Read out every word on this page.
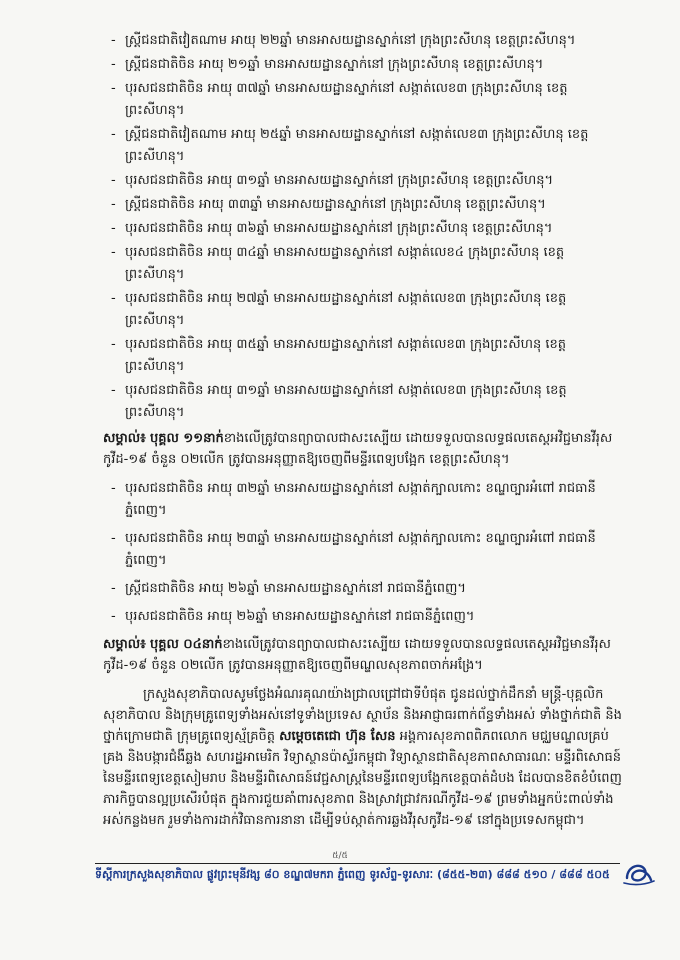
- ស្ត្រីជនជាតិវៀតណាម អាយុ ២២ឆ្នាំ មានអាសយដ្ឋានស្នាក់នៅ ក្រុងព្រះសីហនុ ខេត្តព្រះសីហនុ។
- ស្ត្រីជនជាតិចិន អាយុ ២១ឆ្នាំ មានអាសយដ្ឋានស្នាក់នៅ ក្រុងព្រះសីហនុ ខេត្តព្រះសីហនុ។
- បុរសជនជាតិចិន អាយុ ៣៧ឆ្នាំ មានអាសយដ្ឋានស្នាក់នៅ សង្កាត់លេខ៣ ក្រុងព្រះសីហនុ ខេត្តព្រះសីហនុ។
- ស្ត្រីជនជាតិវៀតណាម អាយុ ២៥ឆ្នាំ មានអាសយដ្ឋានស្នាក់នៅ សង្កាត់លេខ៣ ក្រុងព្រះសីហនុ ខេត្តព្រះសីហនុ។
- បុរសជនជាតិចិន អាយុ ៣១ឆ្នាំ មានអាសយដ្ឋានស្នាក់នៅ ក្រុងព្រះសីហនុ ខេត្តព្រះសីហនុ។
- ស្ត្រីជនជាតិចិន អាយុ ៣៣ឆ្នាំ មានអាសយដ្ឋានស្នាក់នៅ ក្រុងព្រះសីហនុ ខេត្តព្រះសីហនុ។
- បុរសជនជាតិចិន អាយុ ៣៦ឆ្នាំ មានអាសយដ្ឋានស្នាក់នៅ ក្រុងព្រះសីហនុ ខេត្តព្រះសីហនុ។
- បុរសជនជាតិចិន អាយុ ៣៤ឆ្នាំ មានអាសយដ្ឋានស្នាក់នៅ សង្កាត់លេខ៤ ក្រុងព្រះសីហនុ ខេត្តព្រះសីហនុ។
- បុរសជនជាតិចិន អាយុ ២៧ឆ្នាំ មានអាសយដ្ឋានស្នាក់នៅ សង្កាត់លេខ៣ ក្រុងព្រះសីហនុ ខេត្តព្រះសីហនុ។
- បុរសជនជាតិចិន អាយុ ៣៥ឆ្នាំ មានអាសយដ្ឋានស្នាក់នៅ សង្កាត់លេខ៣ ក្រុងព្រះសីហនុ ខេត្តព្រះសីហនុ។
- បុរសជនជាតិចិន អាយុ ៣១ឆ្នាំ មានអាសយដ្ឋានស្នាក់នៅ សង្កាត់លេខ៣ ក្រុងព្រះសីហនុ ខេត្តព្រះសីហនុ។
សម្គាល់៖ បុគ្គល ១១នាក់ខាងលើត្រូវបានព្យាបាលជាសះស្បើយ ដោយទទួលបានលទ្ធផលតេស្តអវិជ្ជមានវីរុស កូវីដ-១៩ ចំនួន ០២លើក ត្រូវបានអនុញ្ញាតឱ្យចេញពីមន្ទីរពេទ្យបង្អែក ខេត្តព្រះសីហនុ។
- បុរសជនជាតិចិន អាយុ ៣២ឆ្នាំ មានអាសយដ្ឋានស្នាក់នៅ សង្កាត់ក្បាលកោះ ខណ្ឌច្បារអំពៅ រាជធានីភ្នំពេញ។
- បុរសជនជាតិចិន អាយុ ២៣ឆ្នាំ មានអាសយដ្ឋានស្នាក់នៅ សង្កាត់ក្បាលកោះ ខណ្ឌច្បារអំពៅ រាជធានីភ្នំពេញ។
- ស្ត្រីជនជាតិចិន អាយុ ២៦ឆ្នាំ មានអាសយដ្ឋានស្នាក់នៅ រាជធានីភ្នំពេញ។
- បុរសជនជាតិចិន អាយុ ២៦ឆ្នាំ មានអាសយដ្ឋានស្នាក់នៅ រាជធានីភ្នំពេញ។
សម្គាល់៖ បុគ្គល ០៤នាក់ខាងលើត្រូវបានព្យាបាលជាសះស្បើយ ដោយទទួលបានលទ្ធផលតេស្តអវិជ្ជមានវីរុស កូវីដ-១៩ ចំនួន ០២លើក ត្រូវបានអនុញ្ញាតឱ្យចេញពីមណ្ឌលសុខភាពចាក់អង្រែ។
ក្រសួងសុខាភិបាលសូមថ្លែងអំណរគុណយ៉ាងជ្រាលជ្រៅជាទីបំផុត ជូនដល់ថ្នាក់ដឹកនាំ មន្ត្រី-បុគ្គលិកសុខាភិបាល និងក្រុមគ្រូពេទ្យទាំងអស់នៅទូទាំងប្រទេស ស្ថាប័ន និងអាជ្ញាធរពាក់ព័ន្ធទាំងអស់ ទាំងថ្នាក់ជាតិ និងថ្នាក់ក្រោមជាតិ ក្រុមគ្រូពេទ្យស្ម័គ្រចិត្ត សម្តេចតេជោ ហ៊ុន សែន អង្គការសុខភាពពិភពលោក មជ្ឈមណ្ឌលគ្រប់គ្រង និងបង្ការជំងឺឆ្លង សហរដ្ឋអាមេរិក វិទ្យាស្ថានប៉ាស្ទ័រកម្ពុជា វិទ្យាស្ថានជាតិសុខភាពសាធារណៈ មន្ទីរពិសោធន៍នៃមន្ទីរពេទ្យខេត្តសៀមរាប និងមន្ទីរពិសោធន៍វេជ្ជសាស្ត្រនៃមន្ទីរពេទ្យបង្អែកខេត្តបាត់ដំបង ដែលបានខិតខំបំពេញភារកិច្ចបានល្អប្រសើរបំផុត ក្នុងការជួយគាំពារសុខភាព និងស្រាវជ្រាវករណីកូវីដ-១៩ ព្រមទាំងអ្នកប៉ះពាល់ទាំងអស់កន្លងមក រួមទាំងការដាក់វិធានការនានា ដើម្បីទប់ស្កាត់ការឆ្លងវីរុសកូវីដ-១៩ នៅក្នុងប្រទេសកម្ពុជា។
៥/៥
ទីស្តីការក្រសួងសុខាភិបាល ផ្លូវព្រះមុនីវង្ស ៨០ ខណ្ឌ៧មករា ភ្នំពេញ ទូរស័ព្ទ-ទូរសារៈ (៨៥៥-២៣) ៨៨៨ ៥១០ / ៨៨៨ ៥០៥
